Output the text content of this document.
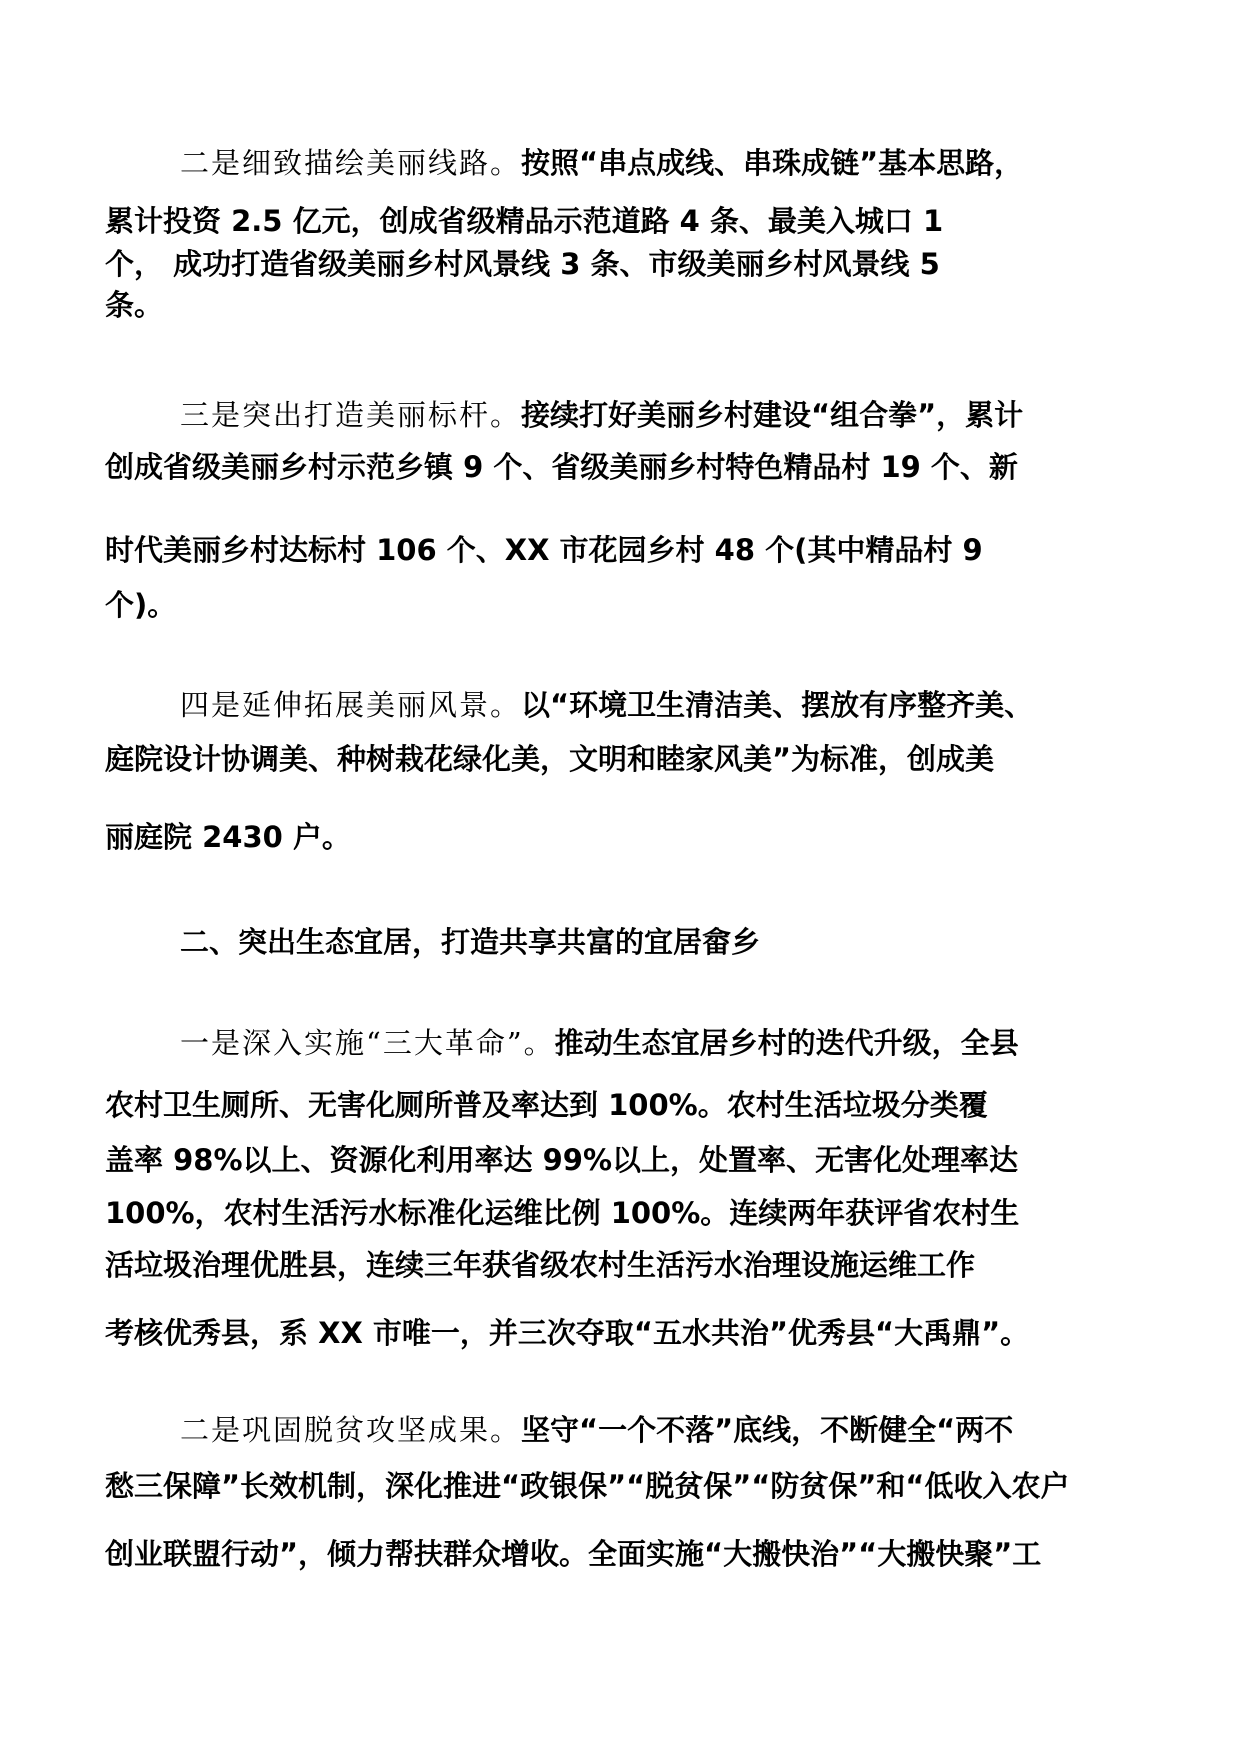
二是细致描绘美丽线路。按照“串点成线、串珠成链”基本思路，
累计投资 2.5 亿元，创成省级精品示范道路 4 条、最美入城口 1
个， 成功打造省级美丽乡村风景线 3 条、市级美丽乡村风景线 5
条。
三是突出打造美丽标杆。接续打好美丽乡村建设“组合拳”，累计
创成省级美丽乡村示范乡镇 9 个、省级美丽乡村特色精品村 19 个、新
时代美丽乡村达标村 106 个、XX 市花园乡村 48 个(其中精品村 9
个)。
四是延伸拓展美丽风景。以“环境卫生清洁美、摆放有序整齐美、
庭院设计协调美、种树栽花绿化美，文明和睦家风美”为标准，创成美
丽庭院 2430 户。
二、突出生态宜居，打造共享共富的宜居畲乡
一是深入实施“三大革命”。推动生态宜居乡村的迭代升级，全县
农村卫生厕所、无害化厕所普及率达到 100%。农村生活垃圾分类覆
盖率 98%以上、资源化利用率达 99%以上，处置率、无害化处理率达
100%，农村生活污水标准化运维比例 100%。连续两年获评省农村生
活垃圾治理优胜县，连续三年获省级农村生活污水治理设施运维工作
考核优秀县，系 XX 市唯一，并三次夺取“五水共治”优秀县“大禹鼎”。
二是巩固脱贫攻坚成果。坚守“一个不落”底线，不断健全“两不
愁三保障”长效机制，深化推进“政银保”“脱贫保”“防贫保”和“低收入农户
创业联盟行动”，倾力帮扶群众增收。全面实施“大搬快治”“大搬快聚”工
